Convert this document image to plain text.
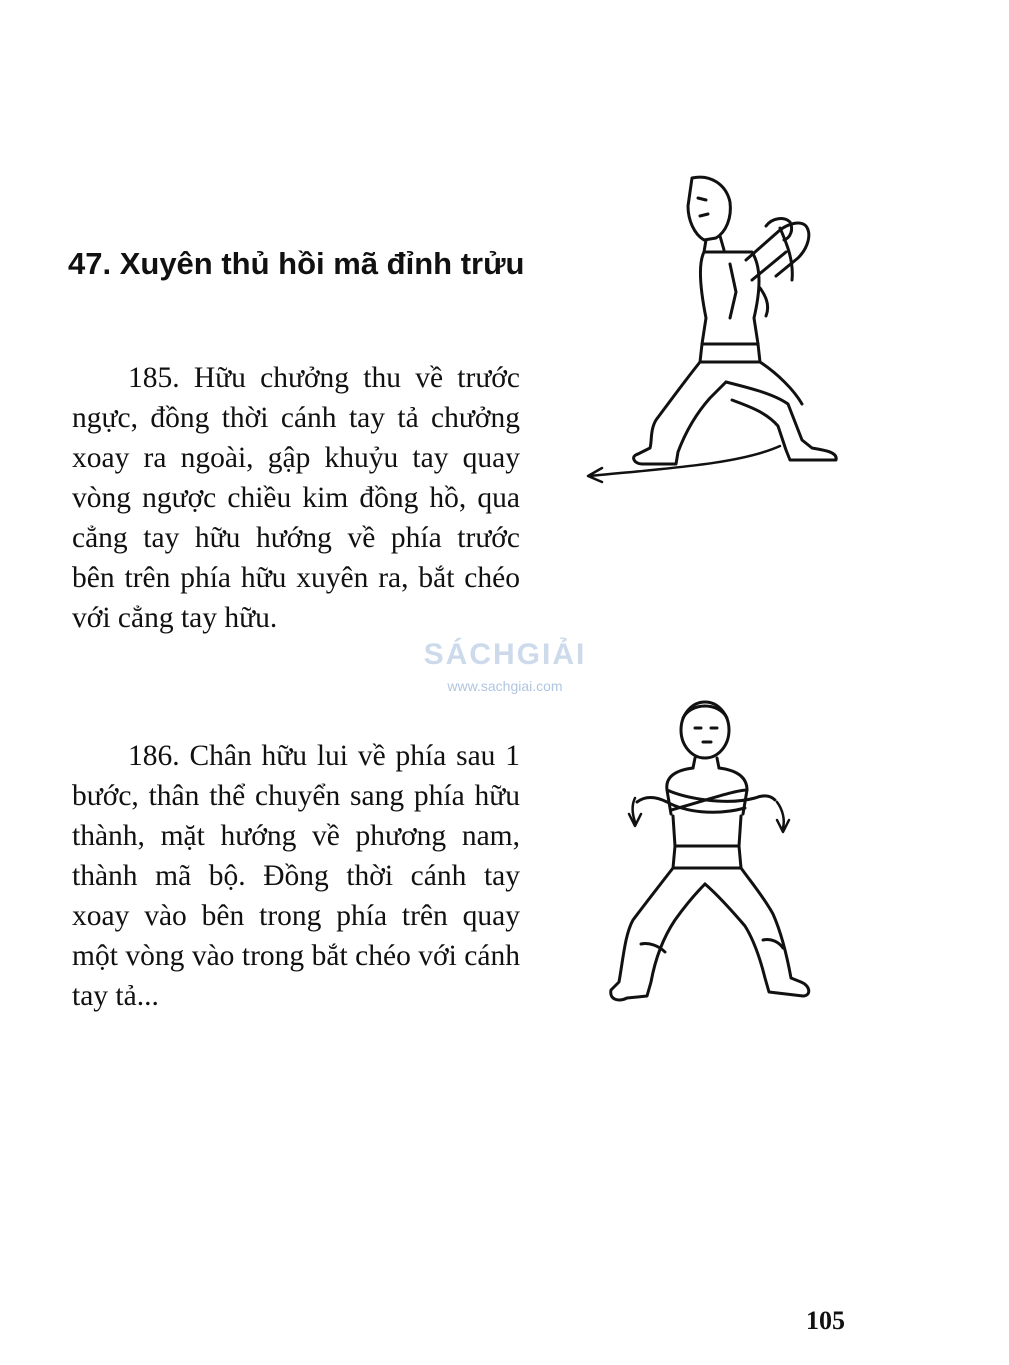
47. Xuyên thủ hồi mã đỉnh trửu

185. Hữu chưởng thu về trước ngực, đồng thời cánh tay tả chưởng xoay ra ngoài, gập khuỷu tay quay vòng ngược chiều kim đồng hồ, qua cẳng tay hữu hướng về phía trước bên trên phía hữu xuyên ra, bắt chéo với cẳng tay hữu.

186. Chân hữu lui về phía sau 1 bước, thân thể chuyển sang phía hữu thành, mặt hướng về phương nam, thành mã bộ. Đồng thời cánh tay xoay vào bên trong phía trên quay một vòng vào trong bắt chéo với cánh tay tả...

SÁCHGIẢI
www.sachgiai.com
105
